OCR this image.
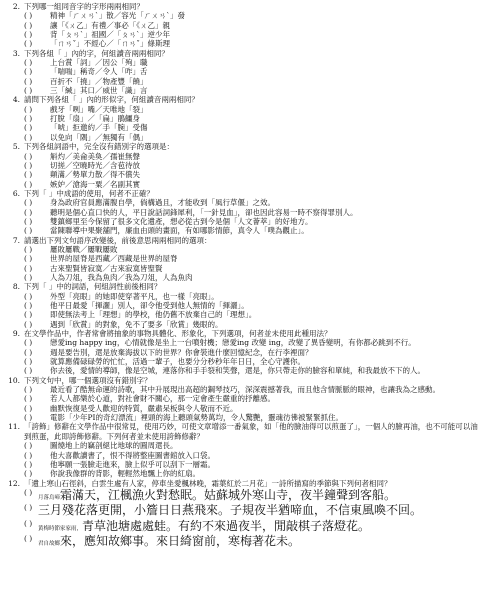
2. 下列哪一組同音字的字形兩兩相同？
( )	精神「ㄏㄨㄢˋ」散／容光「ㄏㄨㄢˋ」發
( )	讓「《ㄨ乙」有禮／事必「《ㄨ乙」親
( )	背「ㄆㄢˋ」祖國／「ㄆㄢˋ」逆少年
( )	「ㄇㄢˇ」不經心／「ㄇㄢˇ」條斯理
3. 下列各組「 」內的字，何組讀音兩兩相同？
( )	上台賞「詞」／因公「殉」職
( )	「喘喘」稱奇／令人「咋」舌
( )	百折不「撓」／物產豐「饒」
( )	三「緘」其口／威世「識」言
4. 請問下列各組「 」內的形似字，何組讀音兩兩相同？
( )	戲牙「咧」嘴／天唯地「裂」
( )	打脫「扇」／「扁」鵑鱷身
( )	「唬」拒邀約／手「腕」受傷
( )	以免向「隅」／無獨有「偶」
5. 下列各組詞語中，完全沒有錯別字的選項是：
( )	斛灼／美侖美奐／孺崔無聲
( )	切搓／空曉時光／含苞待放
( )	顛滿／勢單力散／得不償失
( )	嫉妒／滄海一粟／名副其實
6. 下列「 」中成語的使用，何者不正確？
( )	身為政府官員應滿腹自學，倘構過且，才能收到「風行草偃」之效。
( )	聽明是個心直口快的人，平日說話詞鋒犀利，「一針見血」，卻也因此容易一時不察得罪別人。
( )	雙鎮鄉里至今保留了很多文化遺產，想必從古到今是個「人文薈萃」的好地方。
( )	當陳聯導中果聚舖門，廉血由頭的畫面，有如哪影情節，真令人「噗為觀止」。
7. 請選出下列文句語序改變後，前後意思兩兩相同的選項：
( )	屢敗屢戰／屢戰屢敗
( )	世界的屋脊是西藏／西藏是世界的屋脊
( )	古來聖賢皆寂寞／古來寂寞皆聖賢
( )	人為刀俎，我為魚肉／我為刀俎，人為魚肉
8. 下列「 」中的詞語，何組詞性前後相同？
( )	外型「亮眼」的她即使穿著平凡，也一樣「亮眼」。
( )	他平日最愛「揮灑」別人，卻令他受到他人無情的「揮灑」。
( )	即使無法考上「理想」的學校，他仍舊不放棄自己的「理想」。
( )	遇到「欣賞」的對象，免不了要多「欣賞」幾眼的。
9. 在文學作品中，作者常會將抽象的事物具體化、形象化，下列選項，何者並未使用此種用法？
( )	戀愛ing happy ing，心情就像是坐上一台噴射機；戀愛ing 改變 ing，改變了異昏變明，有你都必跳到不行。
( )	週是要告別，還是放棄海拔以下的世界？你會裝進什麼回憶紀念，在行李裡面？
( )	就算應備碌碌勞的忙忙，活過一輩子，也要分分秒秒年年日日，全心守護你。
( )	你去後，愛情的導師，像是空城，連落你和手手裂和笑聲，還是，你只帶走你的臉容和單純，和我最放不下的人。
10. 下列文句中，哪一個選項沒有錯別字？
( )	最近看了酷無命運的詩歌，其中升展現出高超的鋼琴技巧，深深震撼著我，而且他含情脈脈的眼神，也讓我為之感動。
( )	若人人都樂於心道，對社會財不關心，那一定會產生嚴重的抒離感。
( )	幽默恢復是受人歡迎的特質，嚴肅呆板與令人敬而不近。
( )	電影「少年PI的奇幻漂流」裡頭的海上聽頭氣勢萬均，令人驚艷，靈魂彷彿被緊緊抓住。
11. 「誇飾」修辭在文學作品中很常見，使用巧妙，可使文章增添一番氣象，如「他的臉油得可以煎蛋了」，一個人的臉再油，也不可能可以油到煎蛋，此即誇飾修辭。下列何者並未使用誇飾修辭？
( )	圖燒地上的竊剖絕比地球的圓周還長。
( )	他大喜歡讀書了，恨不得將整座圖書館放入口袋。
( )	他寧願一張臉走進來，臉上似乎可以刮下一層霜。
( )	你說我像群的背影，輕輕然地飄上你的紅扇。
12. 「遺上寒山石徑斜，白雲生處有人家，停車坐愛楓林晚，霜葉紅於二月花」一詩所描寫的季節與下列何者相同？
( )
月落烏啼霜滿天，江楓漁火對愁眠。姑蘇城外寒山寺，夜半鐘聲到客船。
( ) 三月殘花落更開，小簷日日燕飛來。子規夜半猶啼血，不信東風喚不回。
( )
黃梅時節家家雨，青草池塘處處蛙。有約不來過夜半，閒敲棋子落燈花。
( )
君自故鄉來，應知故鄉事。來日綺窗前，寒梅著花未。
